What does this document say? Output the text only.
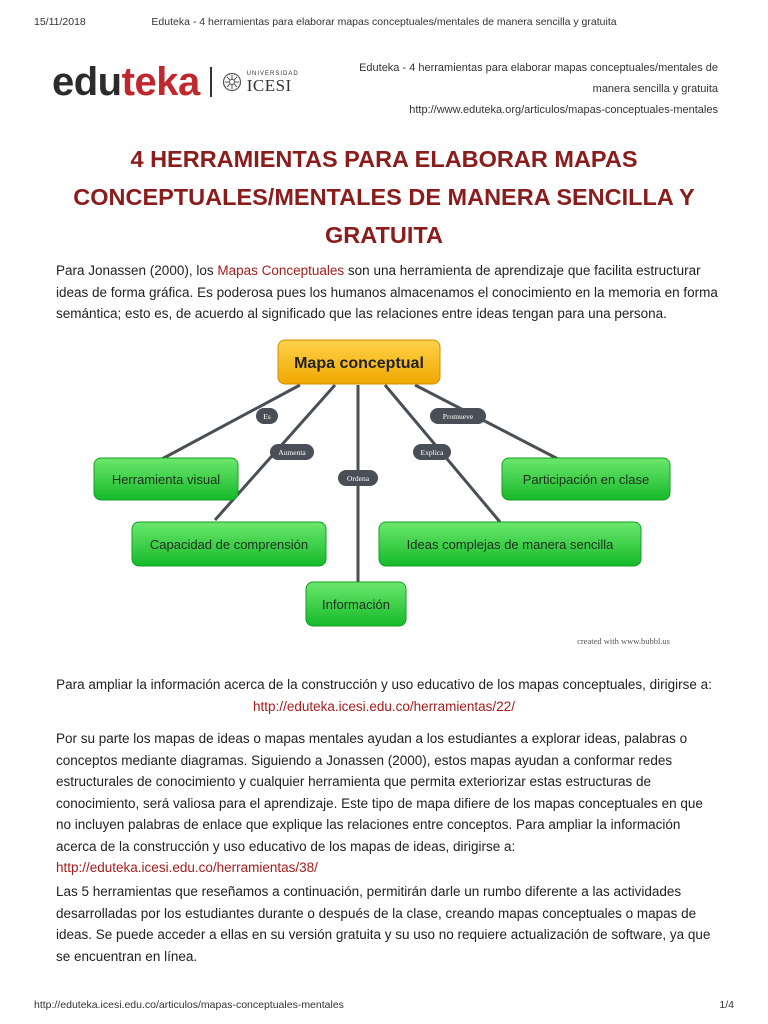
15/11/2018	Eduteka - 4 herramientas para elaborar mapas conceptuales/mentales de manera sencilla y gratuita
eduteka	UNIVERSIDAD
ICESI
Eduteka - 4 herramientas para elaborar mapas conceptuales/mentales de
manera sencilla y gratuita
http://www.eduteka.org/articulos/mapas-conceptuales-mentales
4 HERRAMIENTAS PARA ELABORAR MAPAS CONCEPTUALES/MENTALES DE MANERA SENCILLA Y GRATUITA

Para Jonassen (2000), los Mapas Conceptuales son una herramienta de aprendizaje que facilita estructurar ideas de forma gráfica. Es poderosa pues los humanos almacenamos el conocimiento en la memoria en forma semántica; esto es, de acuerdo al significado que las relaciones entre ideas tengan para una persona.

Mapa conceptual
Es
Aumenta
Ordena
Explica
Promueve
Herramienta visual
Capacidad de comprensión
Información
Ideas complejas de manera sencilla
Participación en clase
created with www.bubbl.us

Para ampliar la información acerca de la construcción y uso educativo de los mapas conceptuales, dirigirse a: http://eduteka.icesi.edu.co/herramientas/22/

Por su parte los mapas de ideas o mapas mentales ayudan a los estudiantes a explorar ideas, palabras o conceptos mediante diagramas. Siguiendo a Jonassen (2000), estos mapas ayudan a conformar redes estructurales de conocimiento y cualquier herramienta que permita exteriorizar estas estructuras de conocimiento, será valiosa para el aprendizaje. Este tipo de mapa difiere de los mapas conceptuales en que no incluyen palabras de enlace que explique las relaciones entre conceptos. Para ampliar la información acerca de la construcción y uso educativo de los mapas de ideas, dirigirse a: http://eduteka.icesi.edu.co/herramientas/38/

Las 5 herramientas que reseñamos a continuación, permitirán darle un rumbo diferente a las actividades desarrolladas por los estudiantes durante o después de la clase, creando mapas conceptuales o mapas de ideas. Se puede acceder a ellas en su versión gratuita y su uso no requiere actualización de software, ya que se encuentran en línea.

http://eduteka.icesi.edu.co/articulos/mapas-conceptuales-mentales	1/4
